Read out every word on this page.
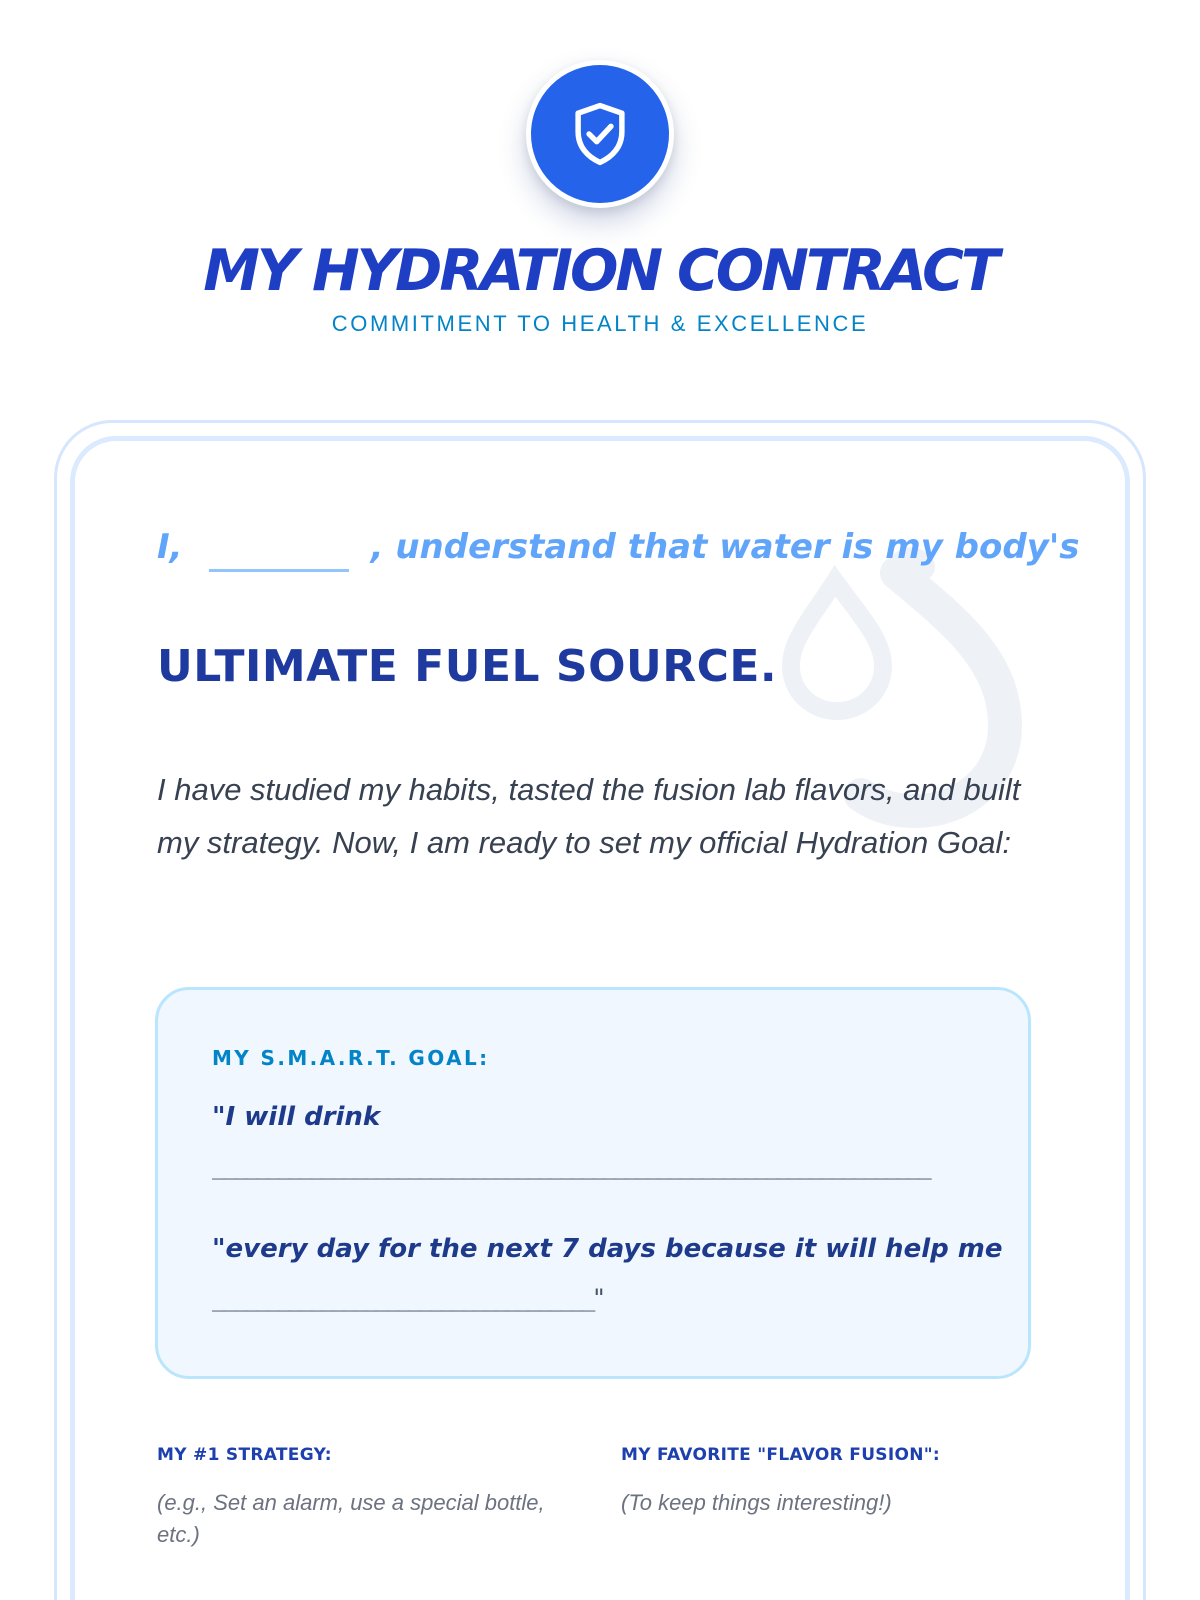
MY HYDRATION CONTRACT
COMMITMENT TO HEALTH & EXCELLENCE
I,	, understand that water is my body's
ULTIMATE FUEL SOURCE.
I have studied my habits, tasted the fusion lab flavors, and built my strategy. Now, I am ready to set my official Hydration Goal:
MY S.M.A.R.T. GOAL:
"I will drink
__________________________________________________________________
"every day for the next 7 days because it will help me
___________________________________"
MY #1 STRATEGY:
(e.g., Set an alarm, use a special bottle, etc.)
MY FAVORITE "FLAVOR FUSION":
(To keep things interesting!)
